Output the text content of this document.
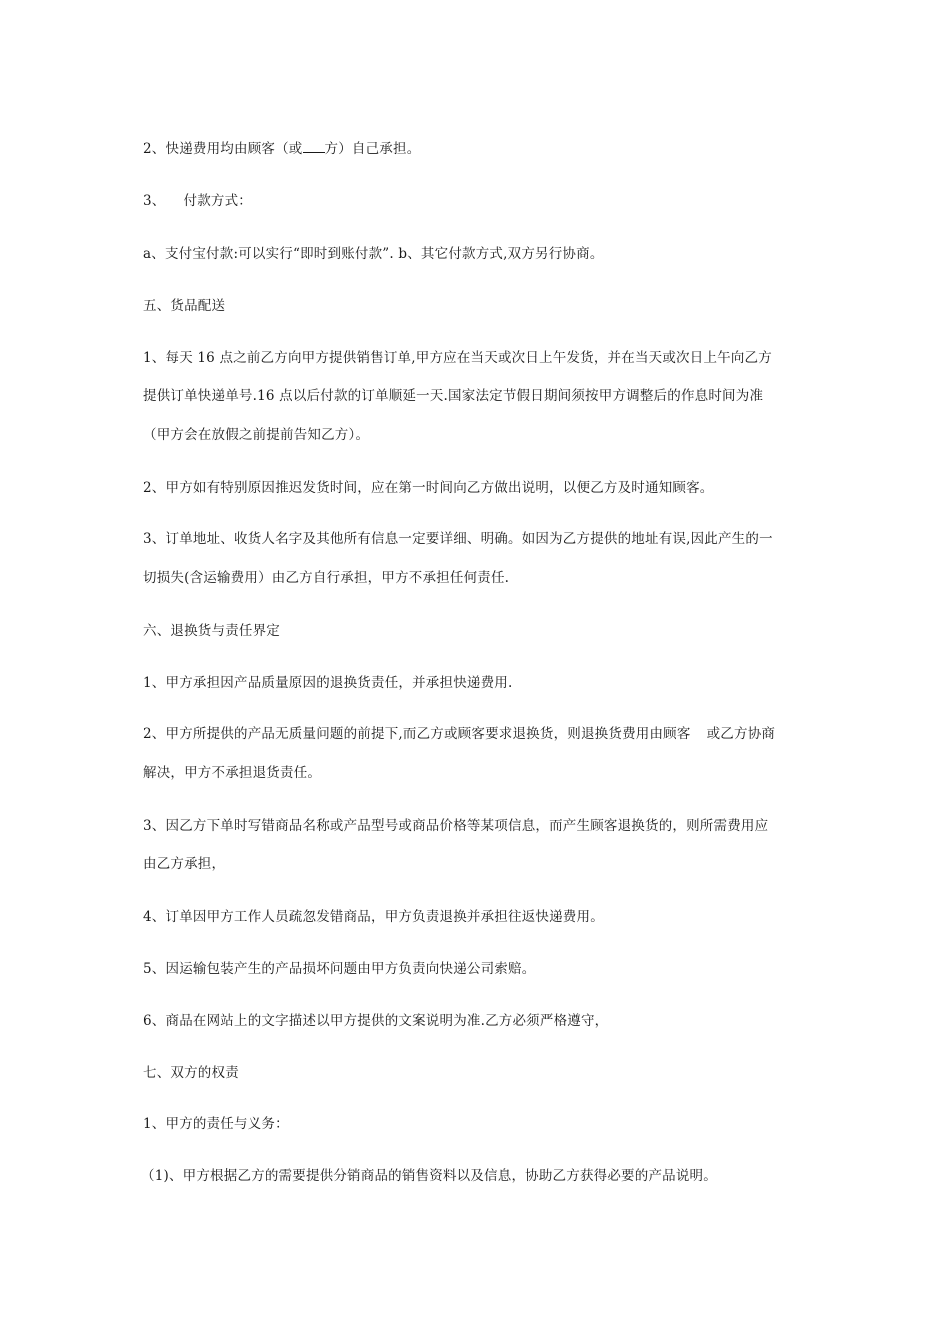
2、快递费用均由顾客（或 方）自己承担。
3、 付款方式：
a、支付宝付款:可以实行“即时到账付款”. b、其它付款方式,双方另行协商。
五、货品配送
1、每天 16 点之前乙方向甲方提供销售订单,甲方应在当天或次日上午发货，并在当天或次日上午向乙方
提供订单快递单号.16 点以后付款的订单顺延一天.国家法定节假日期间须按甲方调整后的作息时间为准
（甲方会在放假之前提前告知乙方）。
2、甲方如有特别原因推迟发货时间，应在第一时间向乙方做出说明，以便乙方及时通知顾客。
3、订单地址、收货人名字及其他所有信息一定要详细、明确。如因为乙方提供的地址有误,因此产生的一
切损失(含运输费用）由乙方自行承担，甲方不承担任何责任.
六、退换货与责任界定
1、甲方承担因产品质量原因的退换货责任，并承担快递费用.
2、甲方所提供的产品无质量问题的前提下,而乙方或顾客要求退换货，则退换货费用由顾客 或乙方协商
解决，甲方不承担退货责任。
3、因乙方下单时写错商品名称或产品型号或商品价格等某项信息，而产生顾客退换货的，则所需费用应
由乙方承担，
4、订单因甲方工作人员疏忽发错商品，甲方负责退换并承担往返快递费用。
5、因运输包装产生的产品损坏问题由甲方负责向快递公司索赔。
6、商品在网站上的文字描述以甲方提供的文案说明为准.乙方必须严格遵守，
七、双方的权责
1、甲方的责任与义务：
（1)、甲方根据乙方的需要提供分销商品的销售资料以及信息，协助乙方获得必要的产品说明。
